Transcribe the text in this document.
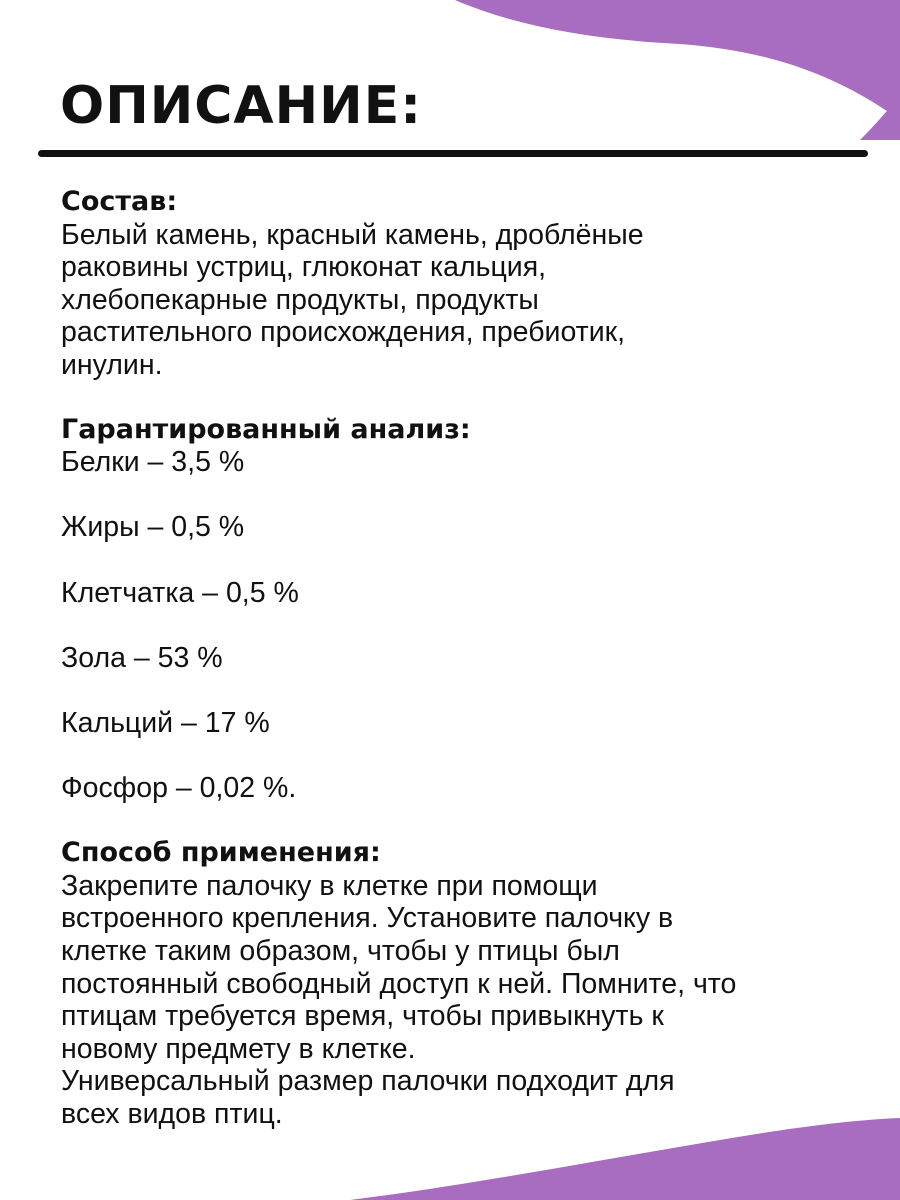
ОПИСАНИЕ:
Состав:
Белый камень, красный камень, дроблёные
раковины устриц, глюконат кальция,
хлебопекарные продукты, продукты
растительного происхождения, пребиотик,
инулин.
Гарантированный анализ:
Белки – 3,5 %
Жиры – 0,5 %
Клетчатка – 0,5 %
Зола – 53 %
Кальций – 17 %
Фосфор – 0,02 %.
Способ применения:
Закрепите палочку в клетке при помощи
встроенного крепления. Установите палочку в
клетке таким образом, чтобы у птицы был
постоянный свободный доступ к ней. Помните, что
птицам требуется время, чтобы привыкнуть к
новому предмету в клетке.
Универсальный размер палочки подходит для
всех видов птиц.
